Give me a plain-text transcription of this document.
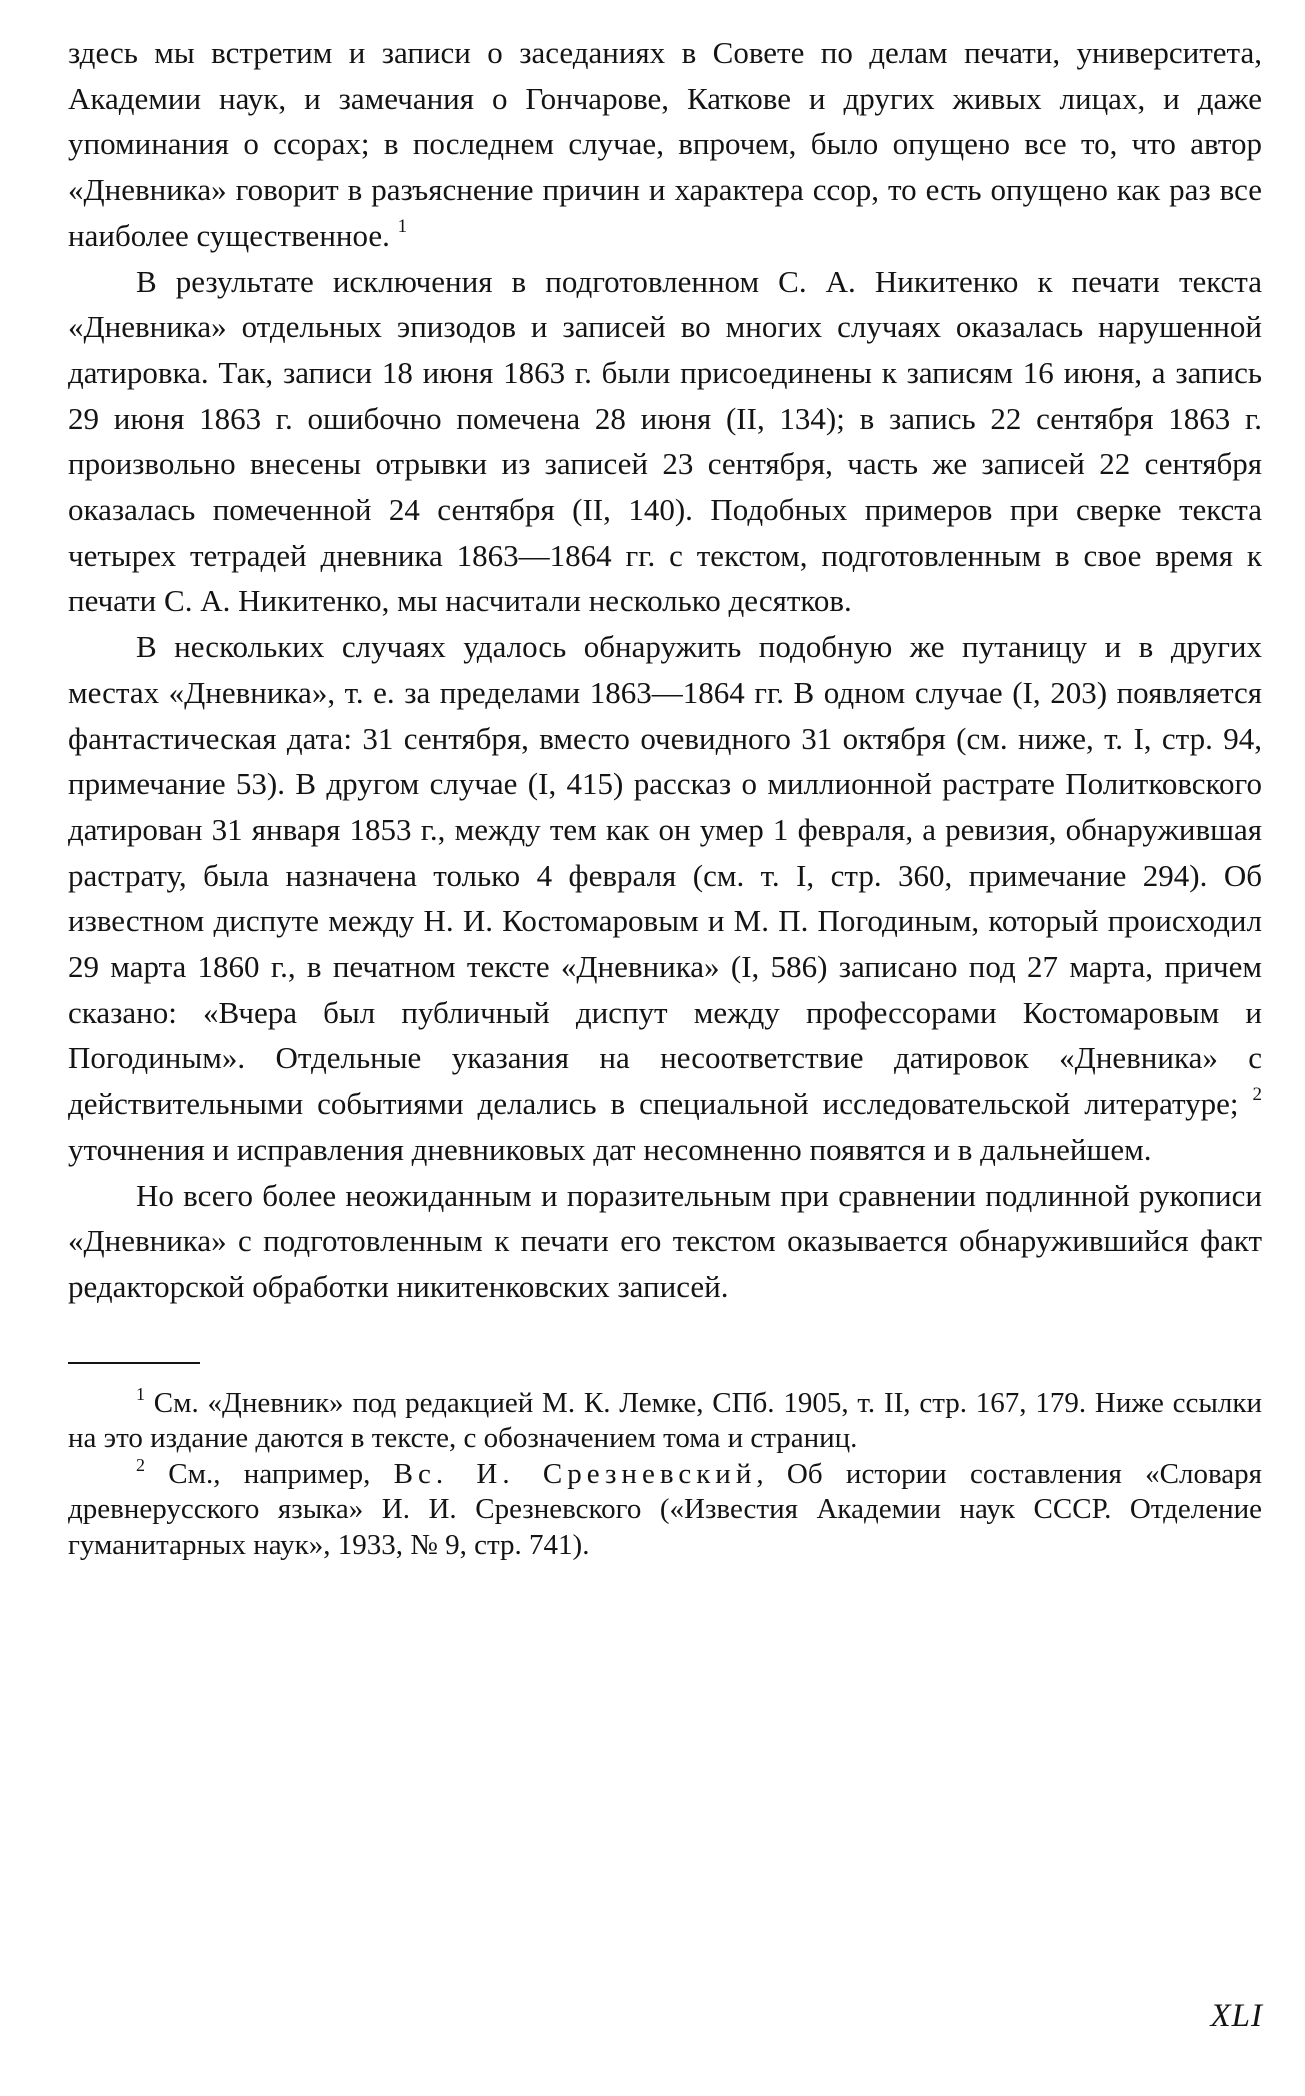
здесь мы встретим и записи о заседаниях в Совете по делам печати, университета, Академии наук, и замечания о Гончарове, Каткове и других живых лицах, и даже упоминания о ссорах; в последнем случае, впрочем, было опущено все то, что автор «Дневника» говорит в разъяснение причин и характера ссор, то есть опущено как раз все наиболее существенное. $^1$

В результате исключения в подготовленном С. А. Никитенко к печати текста «Дневника» отдельных эпизодов и записей во многих случаях оказалась нарушенной датировка. Так, записи 18 июня 1863 г. были присоединены к записям 16 июня, а запись 29 июня 1863 г. ошибочно помечена 28 июня (II, 134); в запись 22 сентября 1863 г. произвольно внесены отрывки из записей 23 сентября, часть же записей 22 сентября оказалась помеченной 24 сентября (II, 140). Подобных примеров при сверке текста четырех тетрадей дневника 1863—1864 гг. с текстом, подготовленным в свое время к печати С. А. Никитенко, мы насчитали несколько десятков.

В нескольких случаях удалось обнаружить подобную же путаницу и в других местах «Дневника», т. е. за пределами 1863—1864 гг. В одном случае (I, 203) появляется фантастическая дата: 31 сентября, вместо очевидного 31 октября (см. ниже, т. I, стр. 94, примечание 53). В другом случае (I, 415) рассказ о миллионной растрате Политковского датирован 31 января 1853 г., между тем как он умер 1 февраля, а ревизия, обнаружившая растрату, была назначена только 4 февраля (см. т. I, стр. 360, примечание 294). Об известном диспуте между Н. И. Костомаровым и М. П. Погодиным, который происходил 29 марта 1860 г., в печатном тексте «Дневника» (I, 586) записано под 27 марта, причем сказано: «Вчера был публичный диспут между профессорами Костомаровым и Погодиным». Отдельные указания на несоответствие датировок «Дневника» с действительными событиями делались в специальной исследовательской литературе; $^2$ уточнения и исправления дневниковых дат несомненно появятся и в дальнейшем.

Но всего более неожиданным и поразительным при сравнении подлинной рукописи «Дневника» с подготовленным к печати его текстом оказывается обнаружившийся факт редакторской обработки никитенковских записей.

$^1$ См. «Дневник» под редакцией М. К. Лемке, СПб. 1905, т. II, стр. 167, 179. Ниже ссылки на это издание даются в тексте, с обозначением тома и страниц.

$^2$ См., например, Вс. И. Срезневский, Об истории составления «Словаря древнерусского языка» И. И. Срезневского («Известия Академии наук СССР. Отделение гуманитарных наук», 1933, № 9, стр. 741).

XLI
